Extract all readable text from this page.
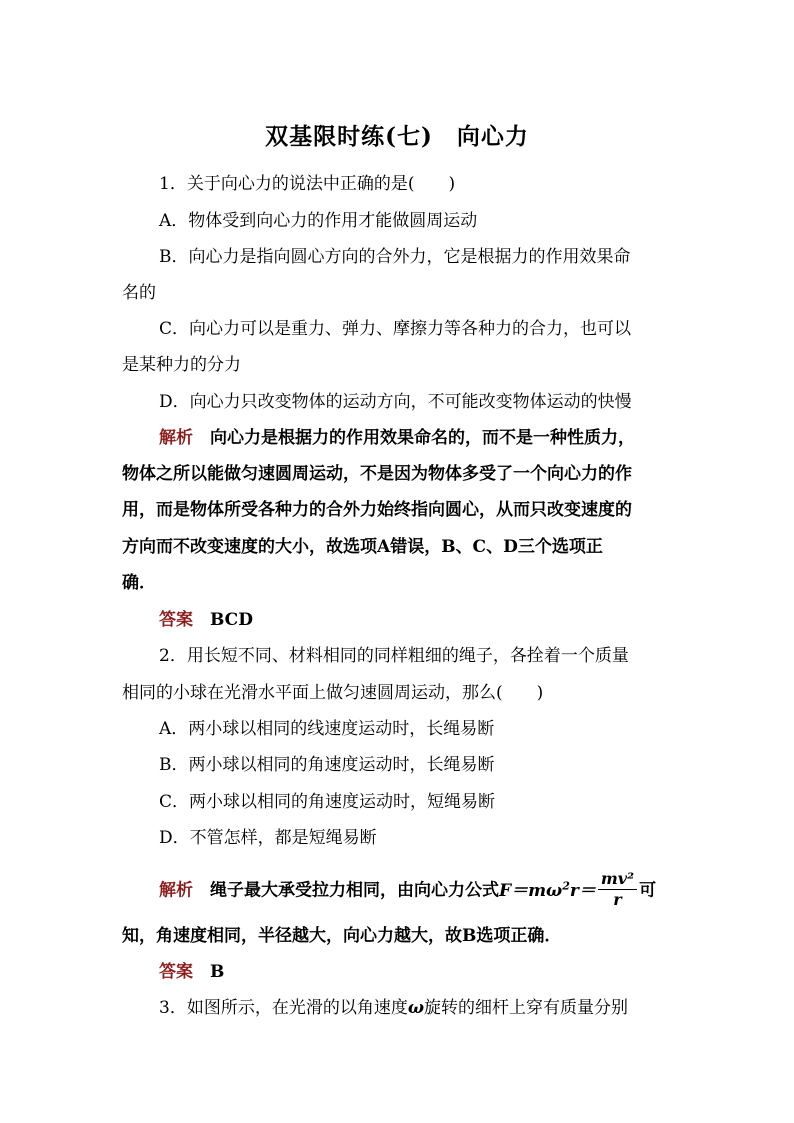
双基限时练(七)　向心力
1．关于向心力的说法中正确的是(　　)
A．物体受到向心力的作用才能做圆周运动
B．向心力是指向圆心方向的合外力，它是根据力的作用效果命
名的
C．向心力可以是重力、弹力、摩擦力等各种力的合力，也可以
是某种力的分力
D．向心力只改变物体的运动方向，不可能改变物体运动的快慢
解析　向心力是根据力的作用效果命名的，而不是一种性质力，
物体之所以能做匀速圆周运动，不是因为物体多受了一个向心力的作
用，而是物体所受各种力的合外力始终指向圆心，从而只改变速度的
方向而不改变速度的大小，故选项A错误，B、C、D三个选项正
确．
答案　BCD
2．用长短不同、材料相同的同样粗细的绳子，各拴着一个质量
相同的小球在光滑水平面上做匀速圆周运动，那么(　　)
A．两小球以相同的线速度运动时，长绳易断
B．两小球以相同的角速度运动时，长绳易断
C．两小球以相同的角速度运动时，短绳易断
D．不管怎样，都是短绳易断
解析　绳子最大承受拉力相同，由向心力公式$F=m\omega^2r= \frac{\text{mv²}}{r}$ 可
知，角速度相同，半径越大，向心力越大，故B选项正确．
答案　B
3．如图所示，在光滑的以角速度ω旋转的细杆上穿有质量分别
